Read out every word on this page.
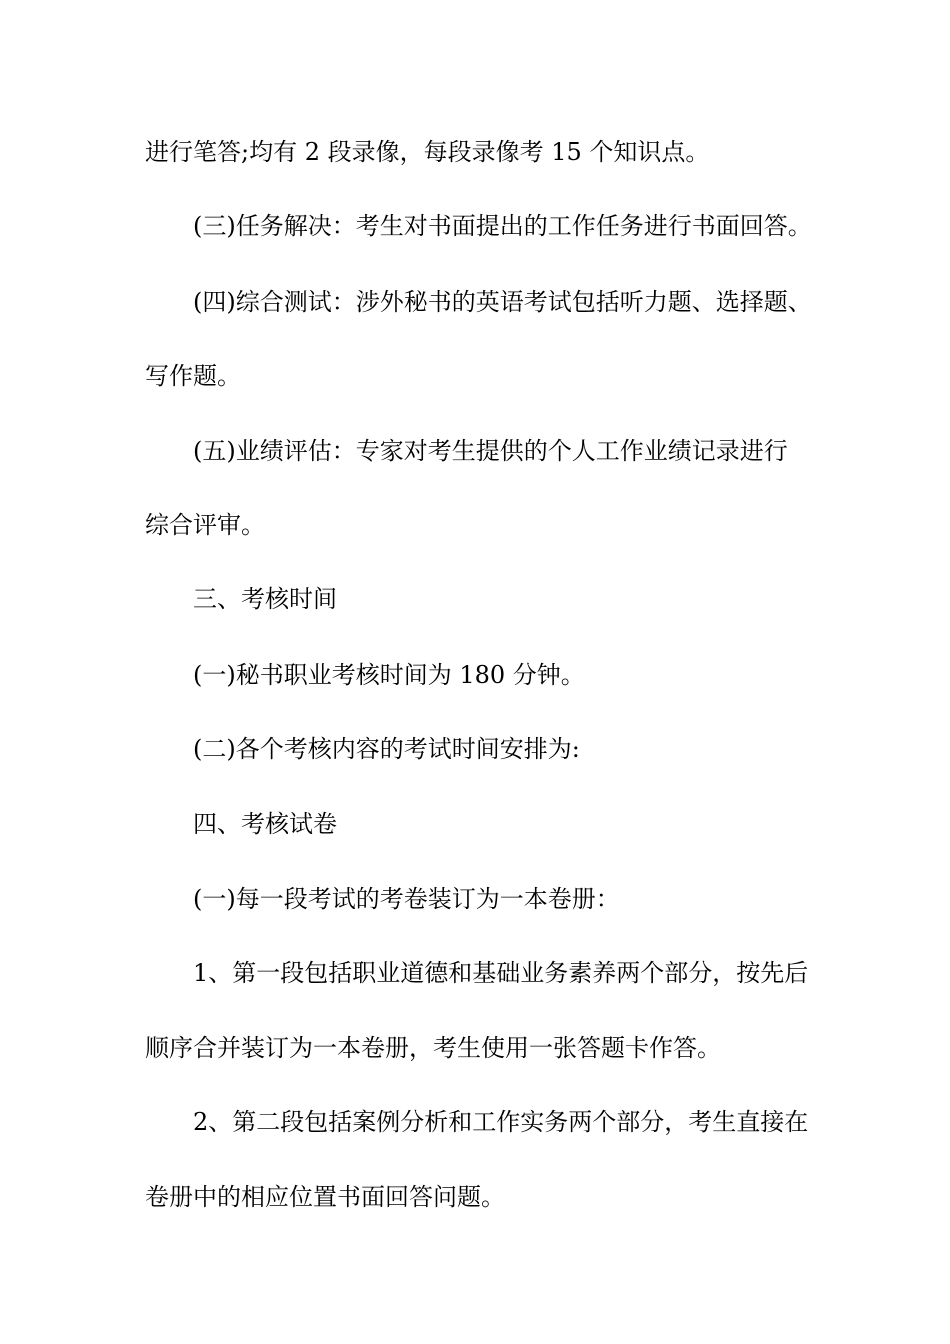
进行笔答;均有 2 段录像，每段录像考 15 个知识点。
(三)任务解决：考生对书面提出的工作任务进行书面回答。
(四)综合测试：涉外秘书的英语考试包括听力题、选择题、
写作题。
(五)业绩评估：专家对考生提供的个人工作业绩记录进行
综合评审。
三、考核时间
(一)秘书职业考核时间为 180 分钟。
(二)各个考核内容的考试时间安排为:
四、考核试卷
(一)每一段考试的考卷装订为一本卷册：
1、第一段包括职业道德和基础业务素养两个部分，按先后
顺序合并装订为一本卷册，考生使用一张答题卡作答。
2、第二段包括案例分析和工作实务两个部分，考生直接在
卷册中的相应位置书面回答问题。
